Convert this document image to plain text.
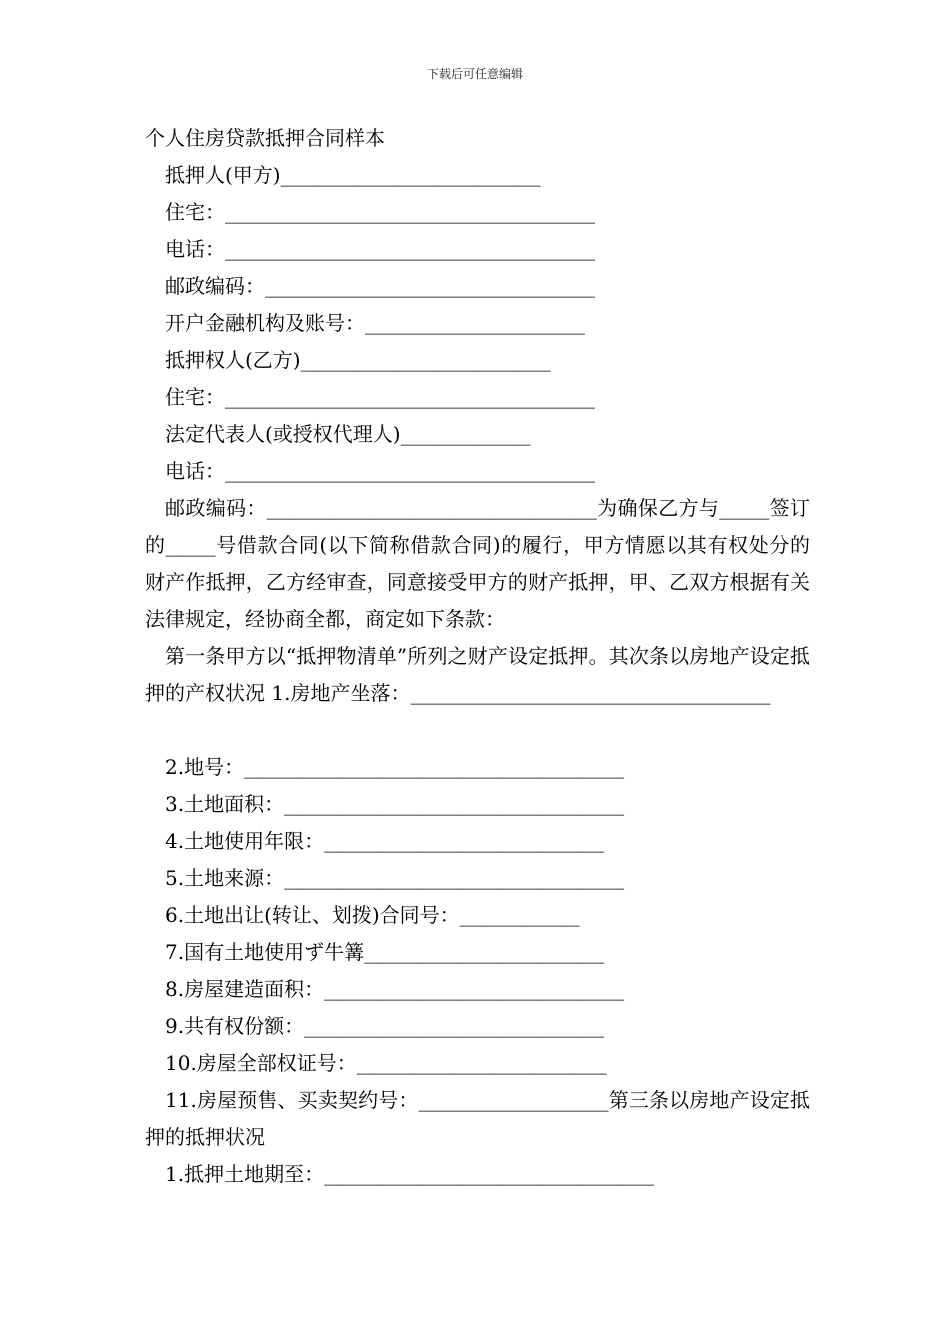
下载后可任意编辑

个人住房贷款抵押合同样本

抵押人(甲方)__________________________

住宅：_____________________________________

电话：_____________________________________

邮政编码：_________________________________

开户金融机构及账号：______________________

抵押权人(乙方)_________________________

住宅：_____________________________________

法定代表人(或授权代理人)_____________

电话：_____________________________________

邮政编码：_________________________________为确保乙方与_____签订的_____号借款合同(以下简称借款合同)的履行，甲方情愿以其有权处分的财产作抵押，乙方经审查，同意接受甲方的财产抵押，甲、乙双方根据有关法律规定，经协商全都，商定如下条款：

第一条甲方以“抵押物清单”所列之财产设定抵押。其次条以房地产设定抵押的产权状况 1.房地产坐落：____________________________________

2.地号：______________________________________

3.土地面积：__________________________________

4.土地使用年限：____________________________

5.土地来源：__________________________________

6.土地出让(转让、划拨)合同号：____________

7.国有土地使用ず牛篝________________________

8.房屋建造面积：______________________________

9.共有权份额：______________________________

10.房屋全部权证号：_________________________

11.房屋预售、买卖契约号：___________________第三条以房地产设定抵押的抵押状况

1.抵押土地期至：_________________________________
